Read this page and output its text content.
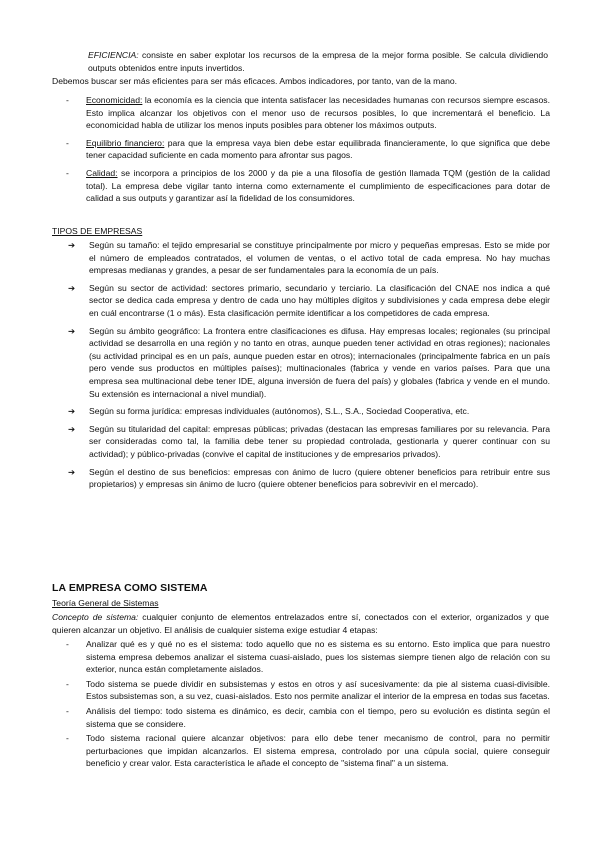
EFICIENCIA: consiste en saber explotar los recursos de la empresa de la mejor forma posible. Se calcula dividiendo outputs obtenidos entre inputs invertidos.
Debemos buscar ser más eficientes para ser más eficaces. Ambos indicadores, por tanto, van de la mano.
- Economicidad: la economía es la ciencia que intenta satisfacer las necesidades humanas con recursos siempre escasos. Esto implica alcanzar los objetivos con el menor uso de recursos posibles, lo que incrementará el beneficio. La economicidad habla de utilizar los menos inputs posibles para obtener los máximos outputs.
- Equilibrio financiero: para que la empresa vaya bien debe estar equilibrada financieramente, lo que significa que debe tener capacidad suficiente en cada momento para afrontar sus pagos.
- Calidad: se incorpora a principios de los 2000 y da pie a una filosofía de gestión llamada TQM (gestión de la calidad total). La empresa debe vigilar tanto interna como externamente el cumplimiento de especificaciones para dotar de calidad a sus outputs y garantizar así la fidelidad de los consumidores.
TIPOS DE EMPRESAS
➔ Según su tamaño: el tejido empresarial se constituye principalmente por micro y pequeñas empresas. Esto se mide por el número de empleados contratados, el volumen de ventas, o el activo total de cada empresa. No hay muchas empresas medianas y grandes, a pesar de ser fundamentales para la economía de un país.
➔ Según su sector de actividad: sectores primario, secundario y terciario. La clasificación del CNAE nos indica a qué sector se dedica cada empresa y dentro de cada uno hay múltiples dígitos y subdivisiones y cada empresa debe elegir en cuál encontrarse (1 o más). Esta clasificación permite identificar a los competidores de cada empresa.
➔ Según su ámbito geográfico: La frontera entre clasificaciones es difusa. Hay empresas locales; regionales (su principal actividad se desarrolla en una región y no tanto en otras, aunque pueden tener actividad en otras regiones); nacionales (su actividad principal es en un país, aunque pueden estar en otros); internacionales (principalmente fabrica en un país pero vende sus productos en múltiples países); multinacionales (fabrica y vende en varios países. Para que una empresa sea multinacional debe tener IDE, alguna inversión de fuera del país) y globales (fabrica y vende en el mundo. Su extensión es internacional a nivel mundial).
➔ Según su forma jurídica: empresas individuales (autónomos), S.L., S.A., Sociedad Cooperativa, etc.
➔ Según su titularidad del capital: empresas públicas; privadas (destacan las empresas familiares por su relevancia. Para ser consideradas como tal, la familia debe tener su propiedad controlada, gestionarla y querer continuar con su actividad); y público-privadas (convive el capital de instituciones y de empresarios privados).
➔ Según el destino de sus beneficios: empresas con ánimo de lucro (quiere obtener beneficios para retribuir entre sus propietarios) y empresas sin ánimo de lucro (quiere obtener beneficios para sobrevivir en el mercado).
LA EMPRESA COMO SISTEMA
Teoría General de Sistemas
Concepto de sistema: cualquier conjunto de elementos entrelazados entre sí, conectados con el exterior, organizados y que quieren alcanzar un objetivo. El análisis de cualquier sistema exige estudiar 4 etapas:
- Analizar qué es y qué no es el sistema: todo aquello que no es sistema es su entorno. Esto implica que para nuestro sistema empresa debemos analizar el sistema cuasi-aislado, pues los sistemas siempre tienen algo de relación con su exterior, nunca están completamente aislados.
- Todo sistema se puede dividir en subsistemas y estos en otros y así sucesivamente: da pie al sistema cuasi-divisible. Estos subsistemas son, a su vez, cuasi-aislados. Esto nos permite analizar el interior de la empresa en todas sus facetas.
- Análisis del tiempo: todo sistema es dinámico, es decir, cambia con el tiempo, pero su evolución es distinta según el sistema que se considere.
- Todo sistema racional quiere alcanzar objetivos: para ello debe tener mecanismo de control, para no permitir perturbaciones que impidan alcanzarlos. El sistema empresa, controlado por una cúpula social, quiere conseguir beneficio y crear valor. Esta característica le añade el concepto de "sistema final" a un sistema.
